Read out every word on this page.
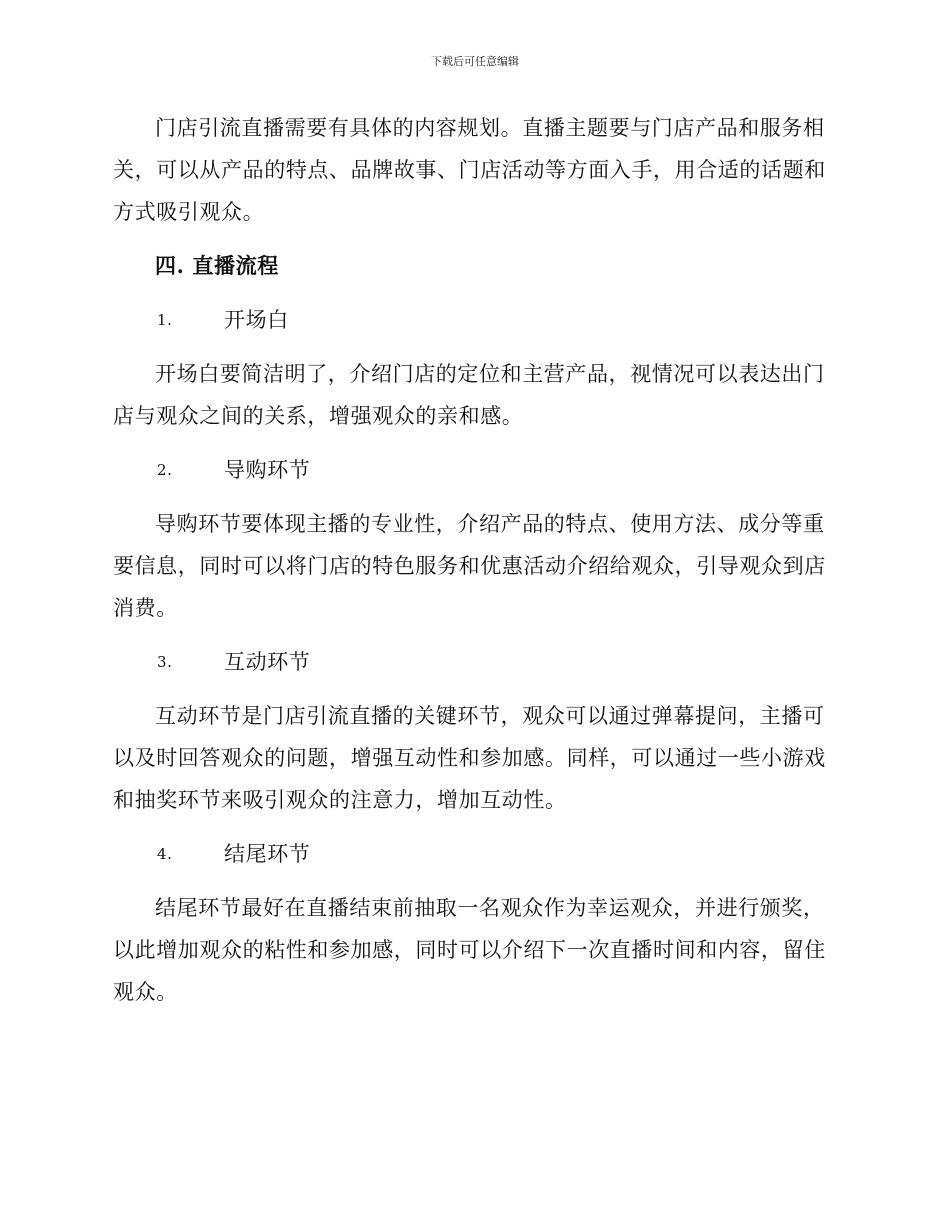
下载后可任意编辑

门店引流直播需要有具体的内容规划。直播主题要与门店产品和服务相关，可以从产品的特点、品牌故事、门店活动等方面入手，用合适的话题和方式吸引观众。

四. 直播流程
1.	开场白

开场白要简洁明了，介绍门店的定位和主营产品，视情况可以表达出门店与观众之间的关系，增强观众的亲和感。

2.	导购环节

导购环节要体现主播的专业性，介绍产品的特点、使用方法、成分等重要信息，同时可以将门店的特色服务和优惠活动介绍给观众，引导观众到店消费。

3.	互动环节

互动环节是门店引流直播的关键环节，观众可以通过弹幕提问，主播可以及时回答观众的问题，增强互动性和参加感。同样，可以通过一些小游戏和抽奖环节来吸引观众的注意力，增加互动性。

4.	结尾环节

结尾环节最好在直播结束前抽取一名观众作为幸运观众，并进行颁奖，以此增加观众的粘性和参加感，同时可以介绍下一次直播时间和内容，留住观众。
